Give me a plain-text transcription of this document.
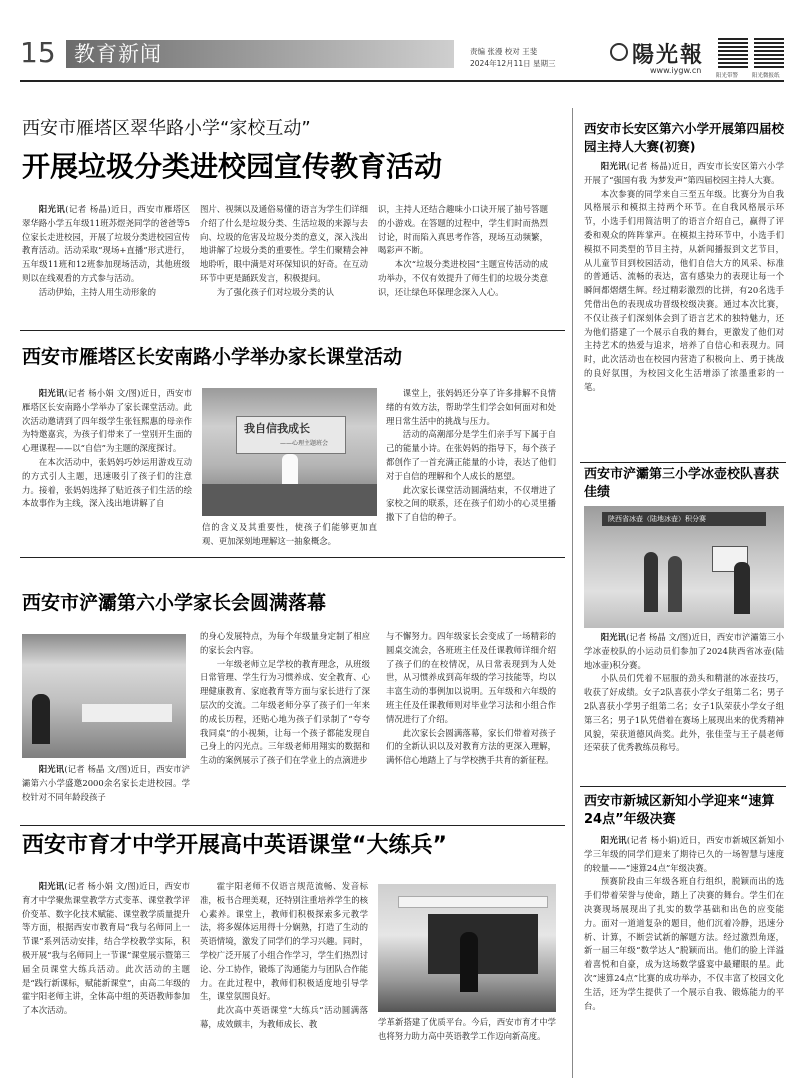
15 教育新闻	责编 张漫 校对 王斐
2024年12月11日 星期三	陽光報
www.iygw.cn
阳光带警	阳光微报纸
西安市雁塔区翠华路小学“家校互动”
开展垃圾分类进校园宣传教育活动

阳光讯(记者 杨晶)近日，西安市雁塔区翠华路小学五年级11班苏煜尧同学的爸爸等5位家长走进校园，开展了垃圾分类进校园宣传教育活动。活动采取“现场+直播”形式进行，五年级11班和12班参加现场活动，其他班级则以在线观看的方式参与活动。

活动伊始，主持人用生动形象的

图片、视频以及通俗易懂的语言为学生们详细介绍了什么是垃圾分类、生活垃圾的来源与去向、垃圾的危害及垃圾分类的意义，深入浅出地讲解了垃圾分类的重要性。学生们聚精会神地聆听，眼中满是对环保知识的好奇。在互动环节中更是踊跃发言，积极提问。

为了强化孩子们对垃圾分类的认

识，主持人还结合趣味小口诀开展了抽号答题的小游戏。在答题的过程中，学生们时而热烈讨论，时而陷入真思考作答，现场互动频繁，喝彩声不断。

本次“垃圾分类进校园”主题宣传活动的成功举办，不仅有效提升了师生们的垃圾分类意识，还让绿色环保理念深入人心。

西安市雁塔区长安南路小学举办家长课堂活动

阳光讯(记者 杨小娟 文/图)近日，西安市雁塔区长安南路小学举办了家长课堂活动。此次活动邀请到了四年级学生张钰熙惠的母亲作为特邀嘉宾，为孩子们带来了一堂别开生面的心理课程——以“自信”为主题的深度探讨。

在本次活动中，张妈妈巧妙运用游戏互动的方式引人主题，迅速吸引了孩子们的注意力。接着，张妈妈选择了贴近孩子们生活的绘本故事作为主线，深入浅出地讲解了自

我自信我成长
——心理主题班会

信的含义及其重要性，使孩子们能够更加直观、更加深刻地理解这一抽象概念。

课堂上，张妈妈还分享了许多排解不良情绪的有效方法，帮助学生们学会如何面对和处理日常生活中的挑战与压力。

活动的高潮部分是学生们亲手写下属于自己的能量小诗。在张妈妈的指导下，每个孩子都创作了一首充满正能量的小诗，表达了他们对于自信的理解和个人成长的愿望。

此次家长课堂活动圆满结束，不仅增进了家校之间的联系，还在孩子们幼小的心灵里播撒下了自信的种子。

西安市浐灞第六小学家长会圆满落幕

阳光讯(记者 杨晶 文/图)近日，西安市浐灞第六小学盛邀2000余名家长走进校园。学校针对不同年龄段孩子

的身心发展特点，为每个年级量身定制了相应的家长会内容。

一年级老师立足学校的教育理念，从班级日常管理、学生行为习惯养成、安全教育、心理健康教育、家庭教育等方面与家长进行了深层次的交流。二年级老师分享了孩子们一年来的成长历程，还贴心地为孩子们录制了“夸夸我同桌”的小视频，让每一个孩子都能发现自己身上的闪光点。三年级老师用翔实的数据和生动的案例展示了孩子们在学业上的点滴进步

与不懈努力。四年级家长会变成了一场精彩的圆桌交流会，各班班主任及任课教师详细介绍了孩子们的在校情况，从日常表现到为人处世，从习惯养成到高年级的学习技能等，均以丰富生动的事例加以说明。五年级和六年级的班主任及任课教师则对毕业学习法和小组合作情况进行了介绍。

此次家长会圆满落幕，家长们带着对孩子们的全新认识以及对教育方法的更深入理解，满怀信心地踏上了与学校携手共育的新征程。

西安市育才中学开展高中英语课堂“大练兵”

阳光讯(记者 杨小娟 文/图)近日，西安市育才中学聚焦课堂教学方式变革、课堂教学评价变革、数字化技术赋能、课堂教学质量提升等方面，根据西安市教育局“我与名师同上一节课”系列活动安排，结合学校教学实际，积极开展“我与名师同上一节课”课堂展示暨第三届全员课堂大练兵活动。此次活动的主题是“践行新课标，赋能新课堂”，由高二年级的霍宇阳老师主讲，全体高中组的英语教师参加了本次活动。

霍宇阳老师不仅语言规范流畅、发音标准，板书合理美观，还特别注重培养学生的核心素养。课堂上，教师们积极探索多元教学法，将多媒体运用得十分娴熟，打造了生动的英语情境，激发了同学们的学习兴趣。同时，学校广泛开展了小组合作学习，学生们热烈讨论、分工协作，锻炼了沟通能力与团队合作能力。在此过程中，教师们积极适度地引导学生，课堂氛围良好。

此次高中英语课堂“大练兵”活动圆满落幕，成效颇丰，为教师成长、教	学革新搭建了优质平台。今后，西安市育才中学也将努力助力高中英语教学工作迈向新高度。

西安市长安区第六小学开展第四届校园主持人大赛(初赛)

阳光讯(记者 杨晶)近日，西安市长安区第六小学开展了“强国有我 为梦发声”第四届校园主持人大赛。

本次参赛的同学来自三至五年级。比赛分为自我风格展示和模拟主持两个环节。在自我风格展示环节，小选手们用简洁明了的语言介绍自己，赢得了评委和观众的阵阵掌声。在模拟主持环节中，小选手们模拟不同类型的节目主持，从新闻播报到文艺节目，从儿童节目到校园活动，他们自信大方的风采、标准的普通话、流畅的表达，富有感染力的表现让每一个瞬间都熠熠生辉。经过精彩激烈的比拼，有20名选手凭借出色的表现成功晋级校级决赛。通过本次比赛，不仅让孩子们深刻体会到了语言艺术的独特魅力，还为他们搭建了一个展示自我的舞台，更激发了他们对主持艺术的热爱与追求，培养了自信心和表现力。同时，此次活动也在校园内营造了积极向上、勇于挑战的良好氛围，为校园文化生活增添了浓墨重彩的一笔。

西安市浐灞第三小学冰壶校队喜获佳绩
陕西省冰壶（陆地冰壶）积分赛

阳光讯(记者 杨晶 文/图)近日，西安市浐灞第三小学冰壶校队的小运动员们参加了2024陕西省冰壶(陆地冰壶)积分赛。

小队员们凭着不屈服的劲头和精湛的冰壶技巧，收获了好成绩。女子2队喜获小学女子组第二名；男子2队喜获小学男子组第二名；女子1队荣获小学女子组第三名；男子1队凭借着在赛场上展现出来的优秀精神风貌，荣获道德风尚奖。此外，张佳莹与王子晨老师还荣获了优秀教练员称号。

西安市新城区新知小学迎来“速算24点”年级决赛

阳光讯(记者 杨小娟)近日，西安市新城区新知小学三年级的同学们迎来了期待已久的一场智慧与速度的较量——“速算24点”年级决赛。

预赛阶段由三年级各班自行组织，脱颖而出的选手们带着荣誉与使命，踏上了决赛的舞台。学生们在决赛现场展现出了扎实的数学基础和出色的应变能力。面对一道道复杂的题目，他们沉着冷静，迅速分析、计算，不断尝试新的解题方法。经过激烈角逐，新一届三年级“数学达人”脱颖而出。他们的脸上洋溢着喜悦和自豪，成为这场数学盛宴中最耀眼的星。此次“速算24点”比赛的成功举办，不仅丰富了校园文化生活，还为学生提供了一个展示自我、锻炼能力的平台。
